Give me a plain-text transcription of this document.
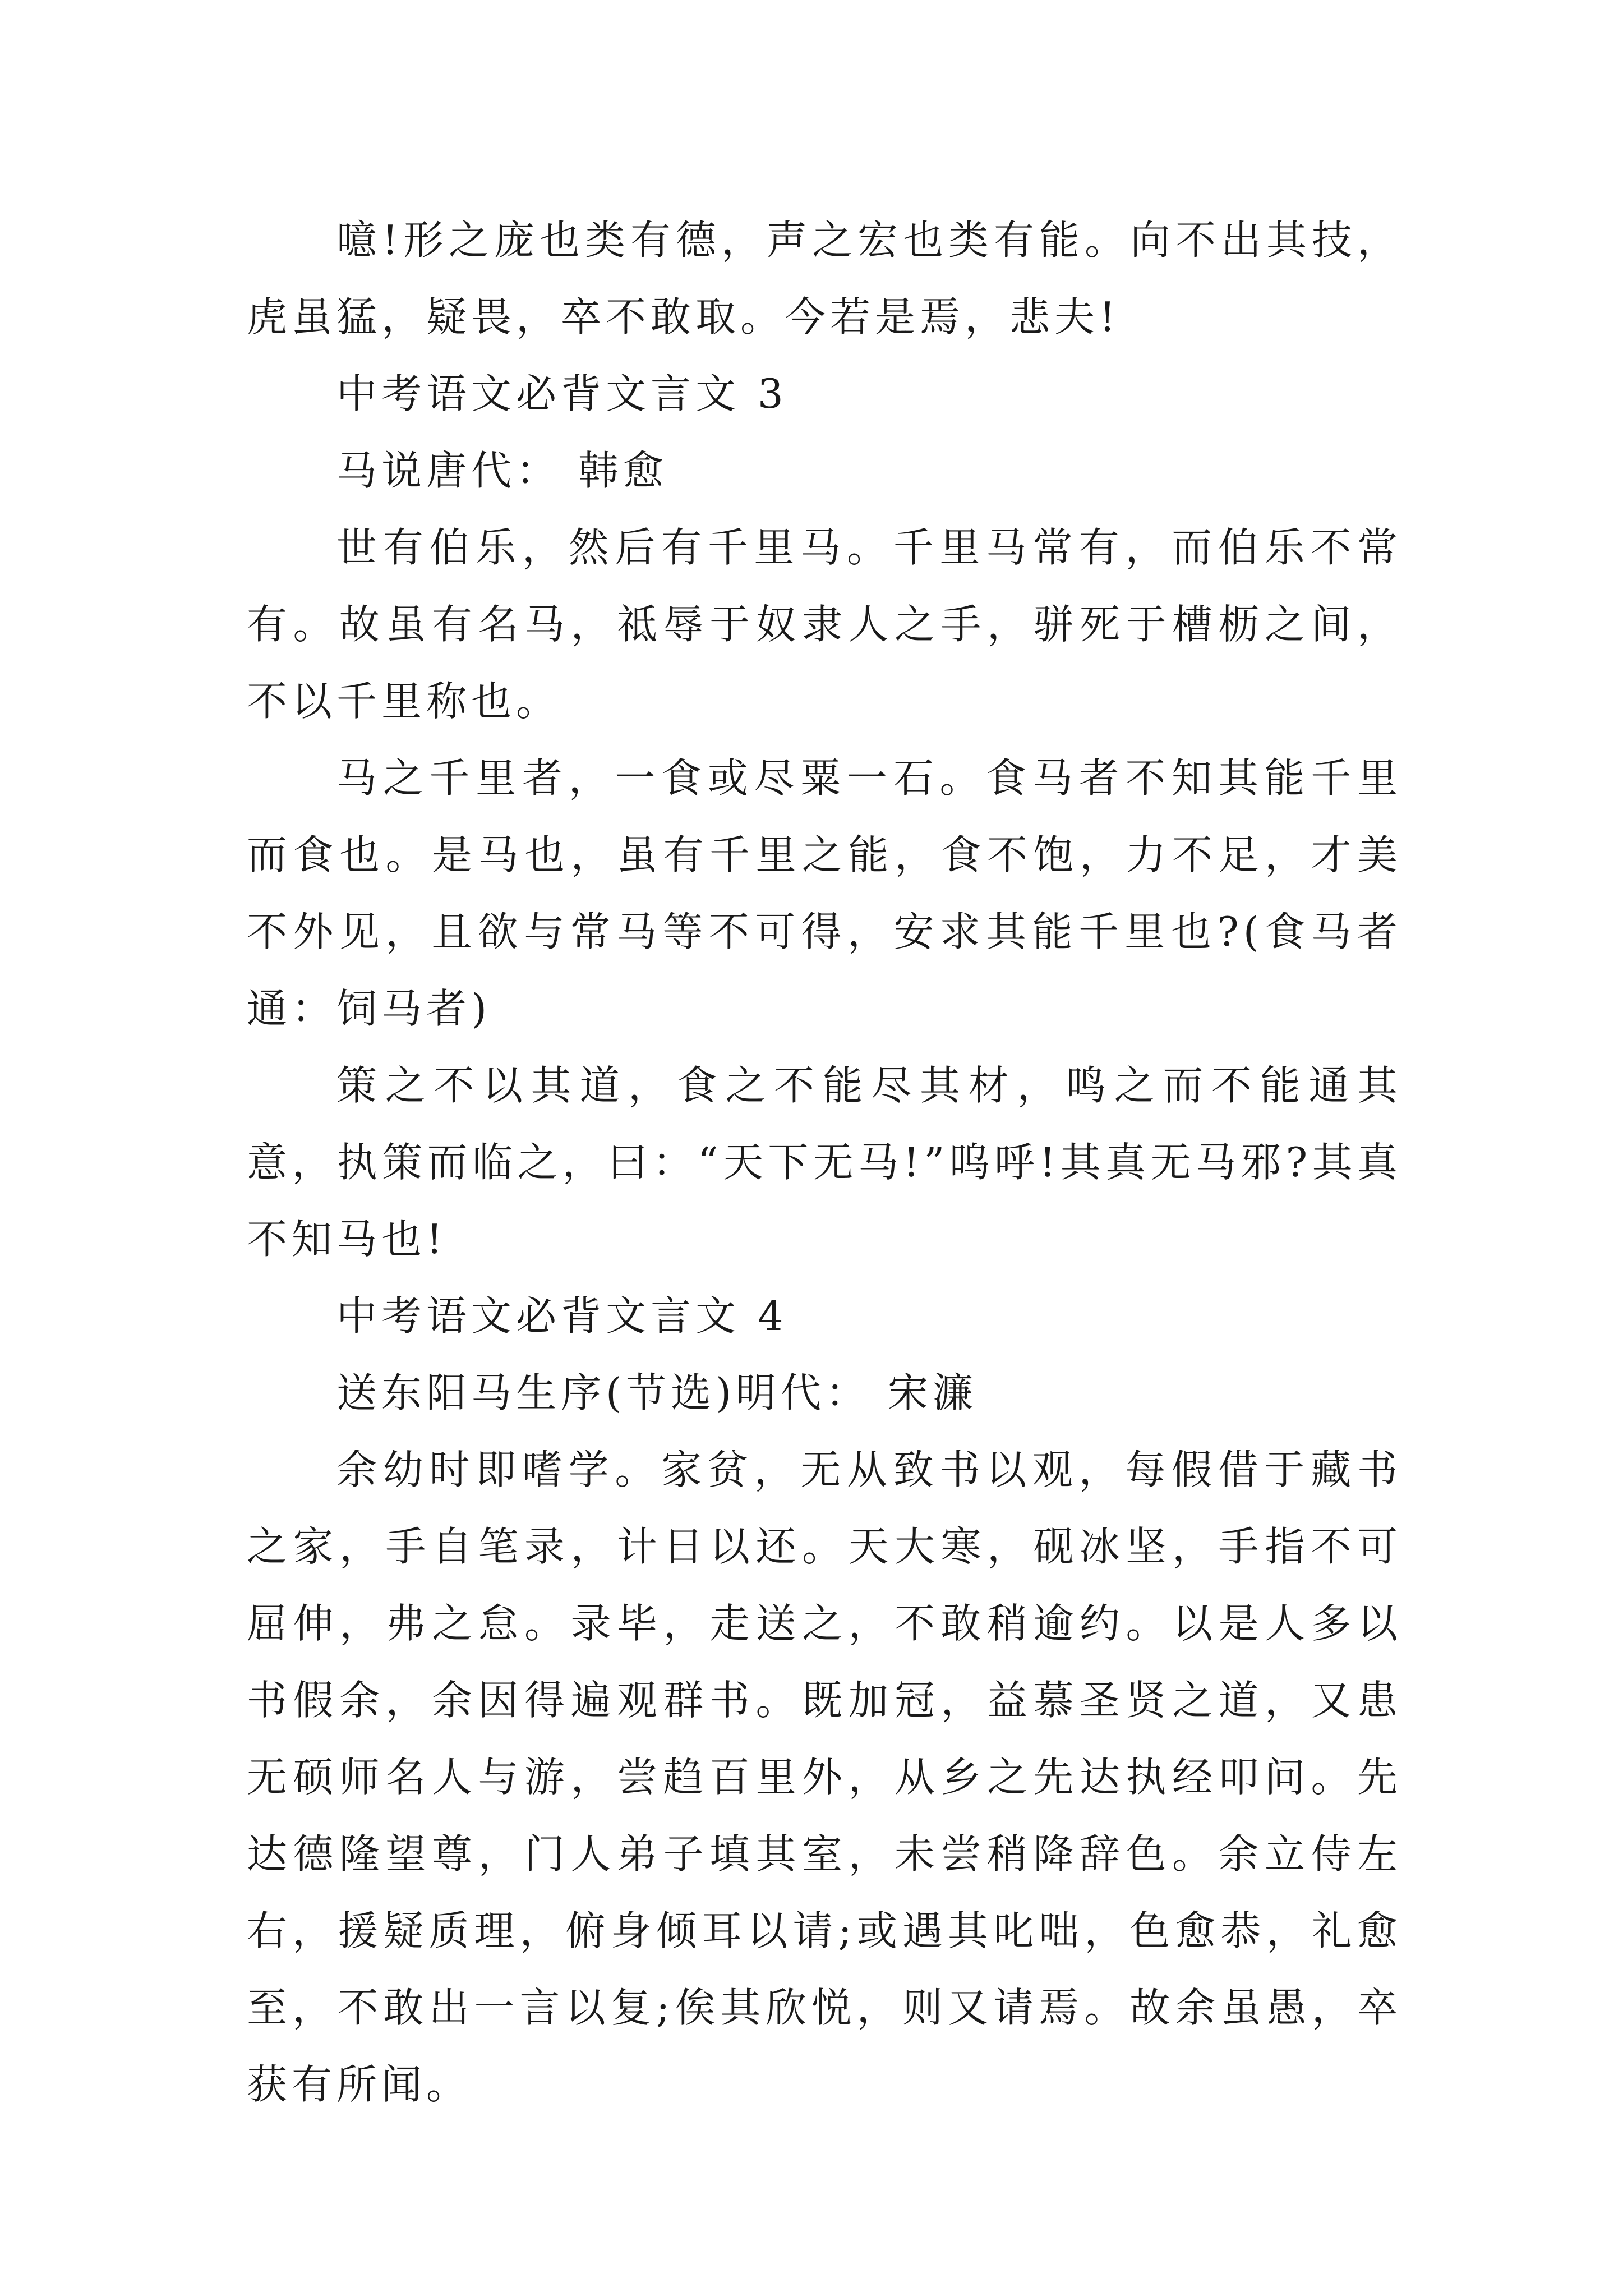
噫!形之庞也类有德，声之宏也类有能。向不出其技，虎虽猛，疑畏，卒不敢取。今若是焉，悲夫!

中考语文必背文言文 3

马说唐代： 韩愈

世有伯乐，然后有千里马。千里马常有，而伯乐不常有。故虽有名马，祗辱于奴隶人之手，骈死于槽枥之间，不以千里称也。

马之千里者，一食或尽粟一石。食马者不知其能千里而食也。是马也，虽有千里之能，食不饱，力不足，才美不外见，且欲与常马等不可得，安求其能千里也?(食马者 通：饲马者)

策之不以其道，食之不能尽其材，鸣之而不能通其意，执策而临之，曰：“天下无马!”呜呼!其真无马邪?其真不知马也!

中考语文必背文言文 4

送东阳马生序(节选)明代： 宋濂

余幼时即嗜学。家贫，无从致书以观，每假借于藏书之家，手自笔录，计日以还。天大寒，砚冰坚，手指不可屈伸，弗之怠。录毕，走送之，不敢稍逾约。以是人多以书假余，余因得遍观群书。既加冠，益慕圣贤之道，又患无硕师名人与游，尝趋百里外，从乡之先达执经叩问。先达德隆望尊，门人弟子填其室，未尝稍降辞色。余立侍左右，援疑质理，俯身倾耳以请;或遇其叱咄，色愈恭，礼愈至，不敢出一言以复;俟其欣悦，则又请焉。故余虽愚，卒获有所闻。
